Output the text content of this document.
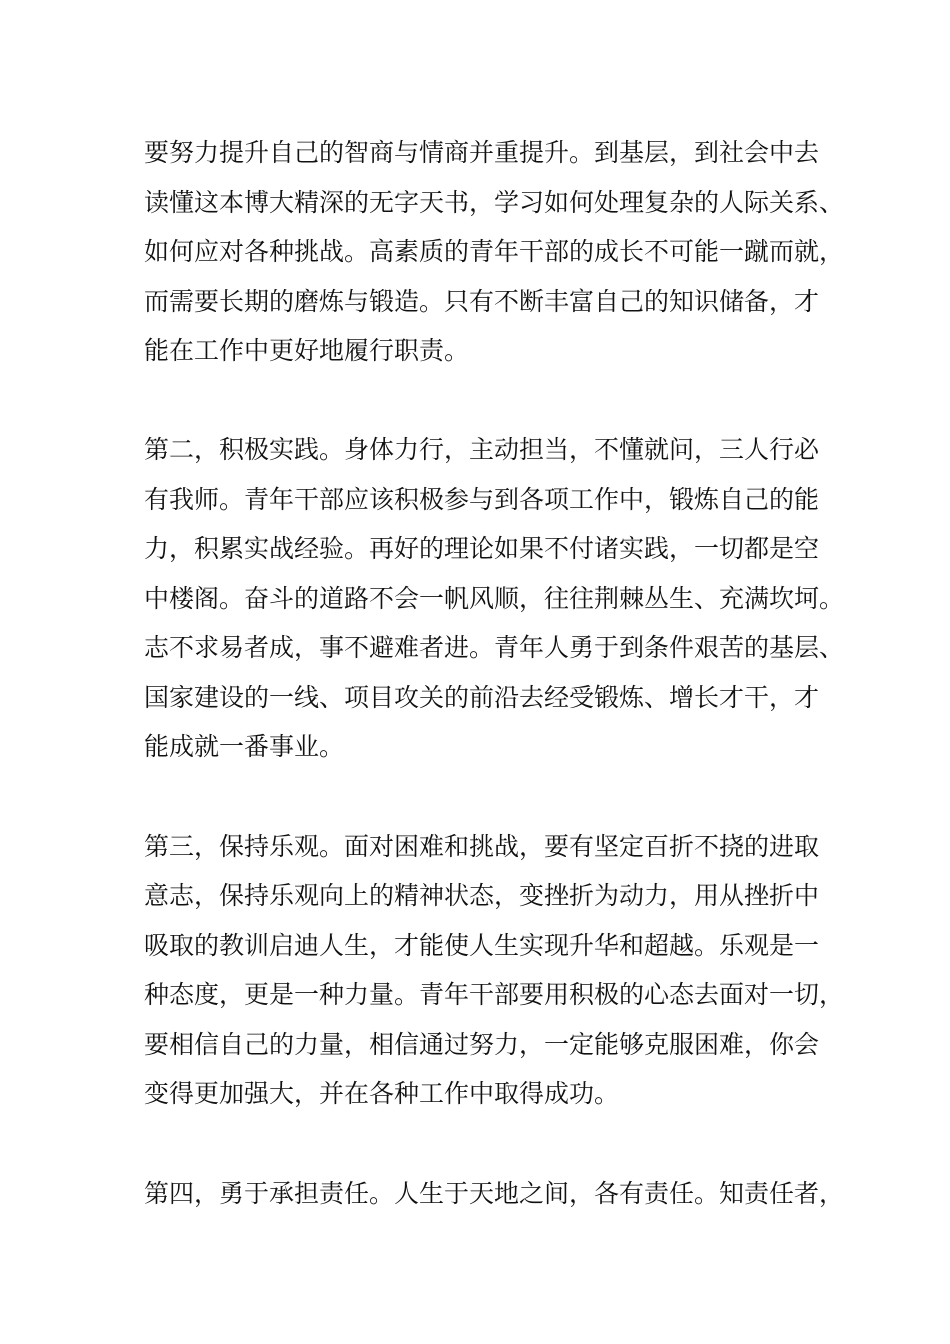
要努力提升自己的智商与情商并重提升。到基层，到社会中去
读懂这本博大精深的无字天书，学习如何处理复杂的人际关系、
如何应对各种挑战。高素质的青年干部的成长不可能一蹴而就，
而需要长期的磨炼与锻造。只有不断丰富自己的知识储备，才
能在工作中更好地履行职责。
第二，积极实践。身体力行，主动担当，不懂就问，三人行必
有我师。青年干部应该积极参与到各项工作中，锻炼自己的能
力，积累实战经验。再好的理论如果不付诸实践，一切都是空
中楼阁。奋斗的道路不会一帆风顺，往往荆棘丛生、充满坎坷。
志不求易者成，事不避难者进。青年人勇于到条件艰苦的基层、
国家建设的一线、项目攻关的前沿去经受锻炼、增长才干，才
能成就一番事业。
第三，保持乐观。面对困难和挑战，要有坚定百折不挠的进取
意志，保持乐观向上的精神状态，变挫折为动力，用从挫折中
吸取的教训启迪人生，才能使人生实现升华和超越。乐观是一
种态度，更是一种力量。青年干部要用积极的心态去面对一切，
要相信自己的力量，相信通过努力，一定能够克服困难，你会
变得更加强大，并在各种工作中取得成功。
第四，勇于承担责任。人生于天地之间，各有责任。知责任者，
